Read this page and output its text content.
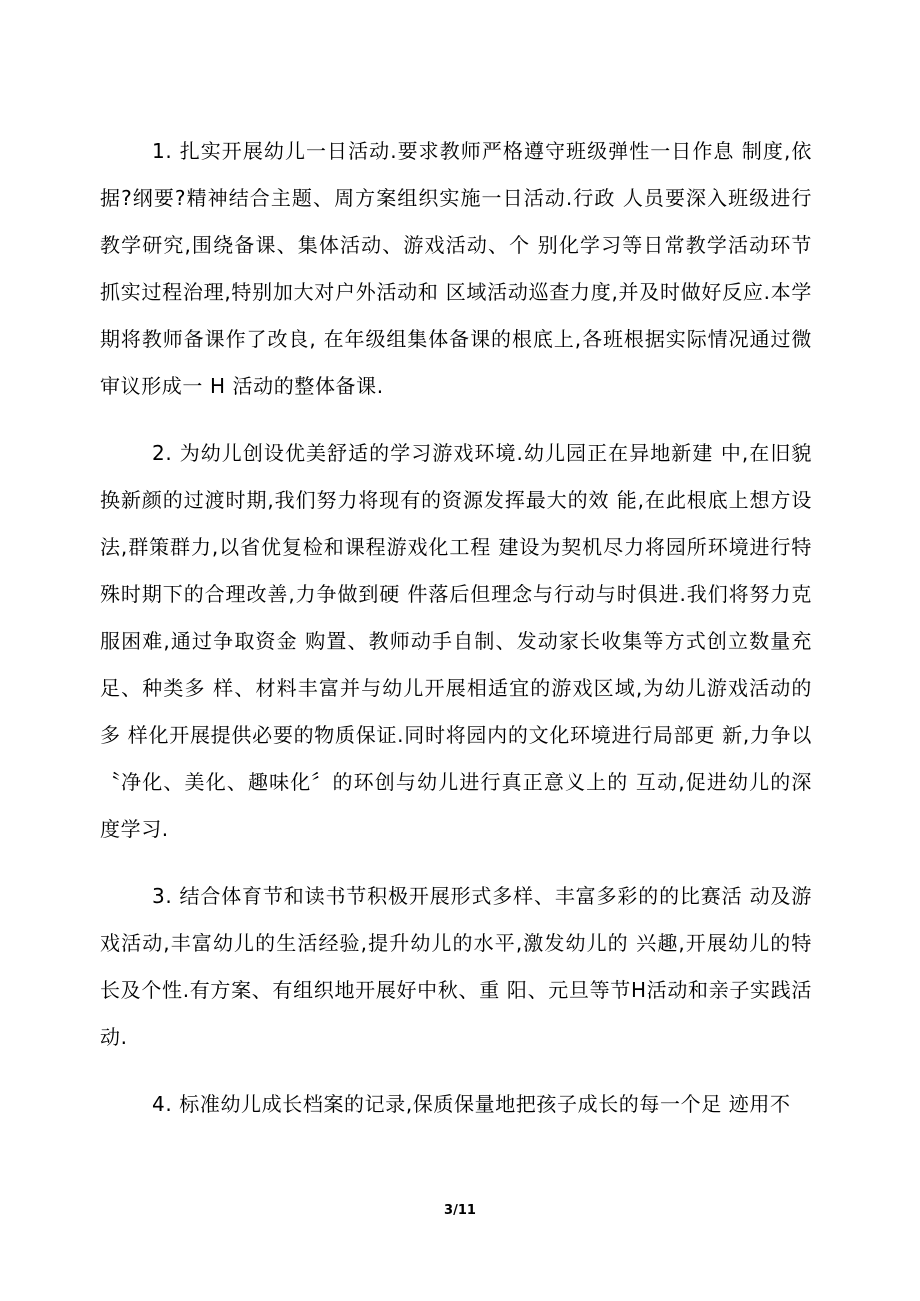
1. 扎实开展幼儿一日活动.要求教师严格遵守班级弹性一日作息 制度,依据?纲要?精神结合主题、周方案组织实施一日活动.行政 人员要深入班级进行教学研究,围绕备课、集体活动、游戏活动、个 别化学习等日常教学活动环节抓实过程治理,特别加大对户外活动和 区域活动巡查力度,并及时做好反应.本学期将教师备课作了改良, 在年级组集体备课的根底上,各班根据实际情况通过微审议形成一 H 活动的整体备课.

2. 为幼儿创设优美舒适的学习游戏环境.幼儿园正在异地新建 中,在旧貌换新颜的过渡时期,我们努力将现有的资源发挥最大的效 能,在此根底上想方设法,群策群力,以省优复检和课程游戏化工程 建设为契机尽力将园所环境进行特殊时期下的合理改善,力争做到硬 件落后但理念与行动与时俱进.我们将努力克服困难,通过争取资金 购置、教师动手自制、发动家长收集等方式创立数量充足、种类多 样、材料丰富并与幼儿开展相适宜的游戏区域,为幼儿游戏活动的多 样化开展提供必要的物质保证.同时将园内的文化环境进行局部更 新,力争以〝净化、美化、趣味化〞的环创与幼儿进行真正意义上的 互动,促进幼儿的深度学习.

3. 结合体育节和读书节积极开展形式多样、丰富多彩的的比赛活 动及游戏活动,丰富幼儿的生活经验,提升幼儿的水平,激发幼儿的 兴趣,开展幼儿的特长及个性.有方案、有组织地开展好中秋、重 阳、元旦等节H活动和亲子实践活动.

4. 标准幼儿成长档案的记录,保质保量地把孩子成长的每一个足 迹用不

3/11
